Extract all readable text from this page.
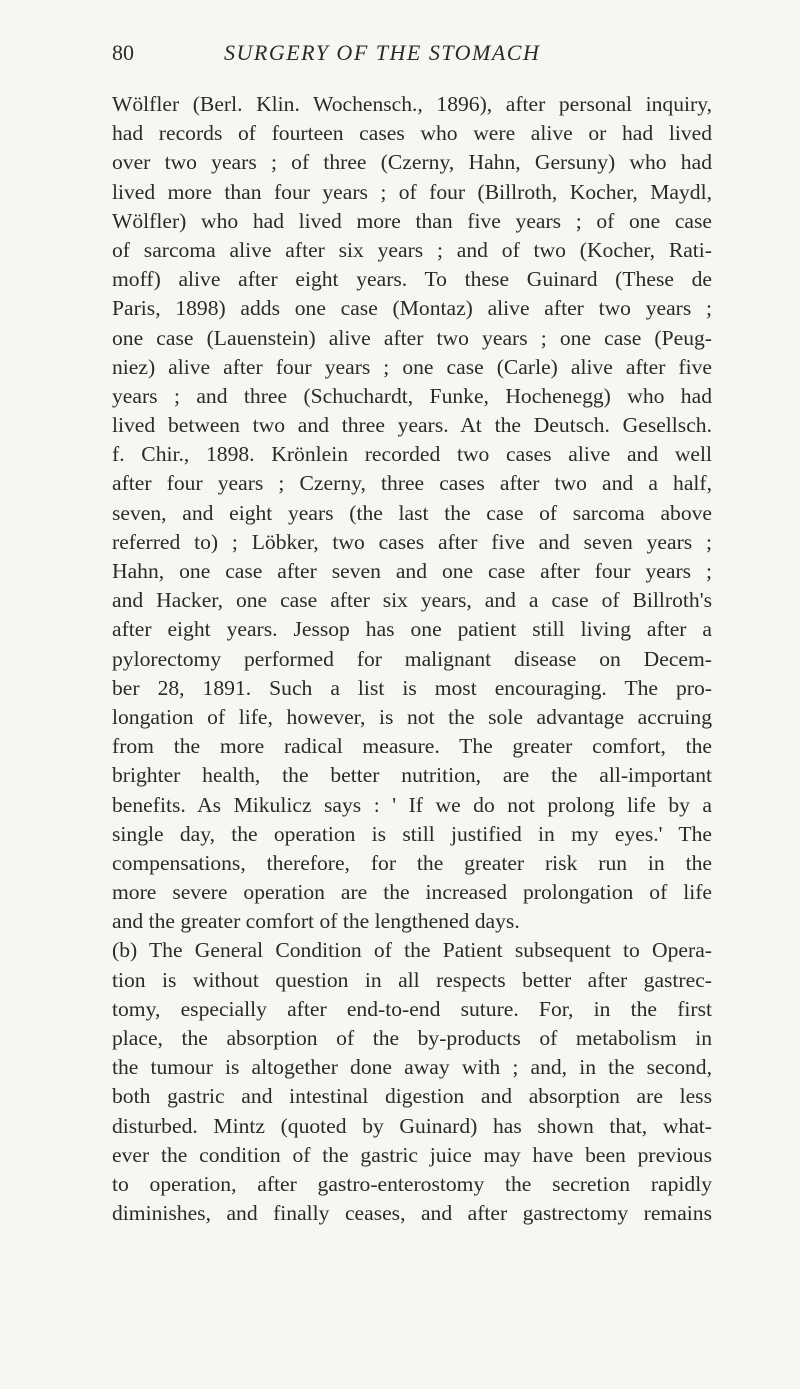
80	SURGERY OF THE STOMACH
Wölfler (Berl. Klin. Wochensch., 1896), after personal inquiry,
had records of fourteen cases who were alive or had lived
over two years ; of three (Czerny, Hahn, Gersuny) who had
lived more than four years ; of four (Billroth, Kocher, Maydl,
Wölfler) who had lived more than five years ; of one case
of sarcoma alive after six years ; and of two (Kocher, Rati-
moff) alive after eight years. To these Guinard (These de
Paris, 1898) adds one case (Montaz) alive after two years ;
one case (Lauenstein) alive after two years ; one case (Peug-
niez) alive after four years ; one case (Carle) alive after five
years ; and three (Schuchardt, Funke, Hochenegg) who had
lived between two and three years. At the Deutsch. Gesellsch.
f. Chir., 1898. Krönlein recorded two cases alive and well
after four years ; Czerny, three cases after two and a half,
seven, and eight years (the last the case of sarcoma above
referred to) ; Löbker, two cases after five and seven years ;
Hahn, one case after seven and one case after four years ;
and Hacker, one case after six years, and a case of Billroth's
after eight years. Jessop has one patient still living after a
pylorectomy performed for malignant disease on Decem-
ber 28, 1891. Such a list is most encouraging. The pro-
longation of life, however, is not the sole advantage accruing
from the more radical measure. The greater comfort, the
brighter health, the better nutrition, are the all-important
benefits. As Mikulicz says : ' If we do not prolong life by a
single day, the operation is still justified in my eyes.' The
compensations, therefore, for the greater risk run in the
more severe operation are the increased prolongation of life
and the greater comfort of the lengthened days.
(b) The General Condition of the Patient subsequent to Opera-
tion is without question in all respects better after gastrec-
tomy, especially after end-to-end suture. For, in the first
place, the absorption of the by-products of metabolism in
the tumour is altogether done away with ; and, in the second,
both gastric and intestinal digestion and absorption are less
disturbed. Mintz (quoted by Guinard) has shown that, what-
ever the condition of the gastric juice may have been previous
to operation, after gastro-enterostomy the secretion rapidly
diminishes, and finally ceases, and after gastrectomy remains
